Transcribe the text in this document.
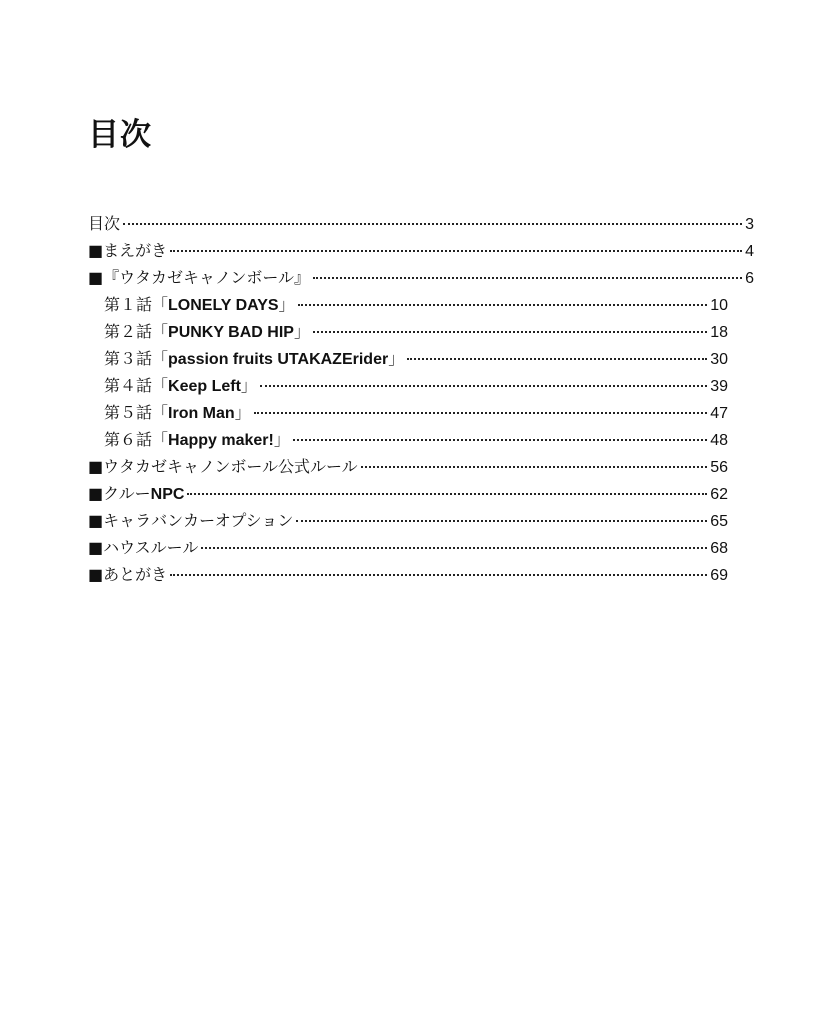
目次
目次	3
■まえがき	4
■『ウタカゼキャノンボール』	6
第１話「LONELY DAYS」	10
第２話「PUNKY BAD HIP」	18
第３話「passion fruits UTAKAZErider」	30
第４話「Keep Left」	39
第５話「Iron Man」	47
第６話「Happy maker!」	48
■ウタカゼキャノンボール公式ルール	56
■クルーNPC	62
■キャラバンカーオプション	65
■ハウスルール	68
■あとがき	69
